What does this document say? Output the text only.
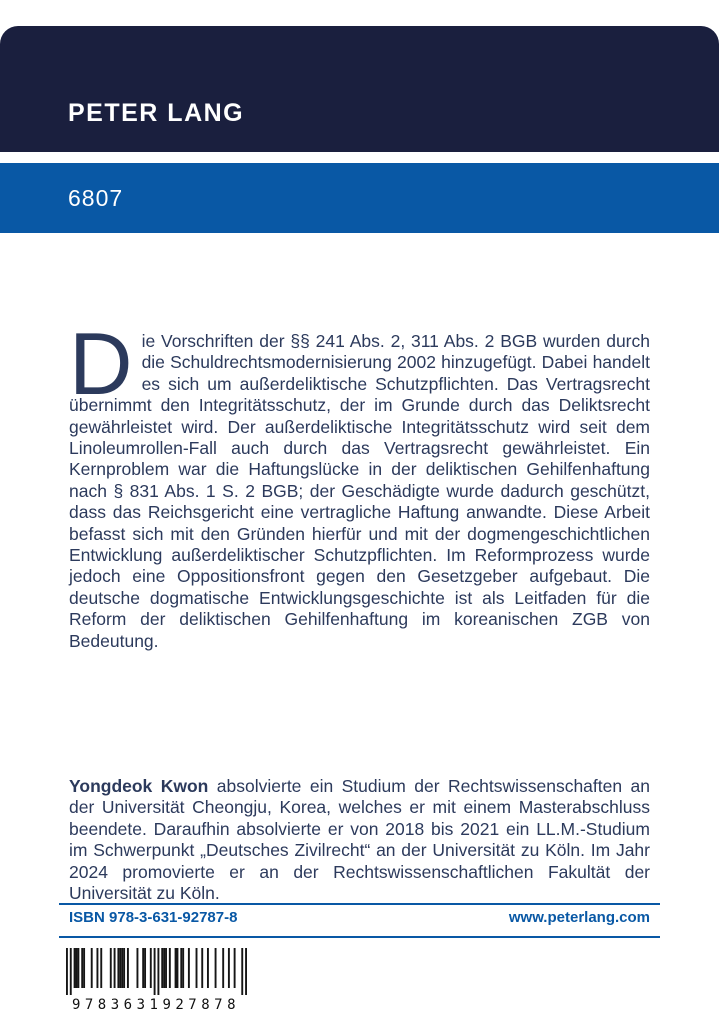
PETER LANG
6807

Die Vorschriften der §§ 241 Abs. 2, 311 Abs. 2 BGB wurden durch die Schuldrechtsmodernisierung 2002 hinzugefügt. Dabei handelt es sich um außerdeliktische Schutzpflichten. Das Vertragsrecht übernimmt den Integritätsschutz, der im Grunde durch das Deliktsrecht gewährleistet wird. Der außerdeliktische Integritätsschutz wird seit dem Linoleumrollen-Fall auch durch das Vertragsrecht gewährleistet. Ein Kernproblem war die Haftungslücke in der deliktischen Gehilfenhaftung nach § 831 Abs. 1 S. 2 BGB; der Geschädigte wurde dadurch geschützt, dass das Reichsgericht eine vertragliche Haftung anwandte. Diese Arbeit befasst sich mit den Gründen hierfür und mit der dogmengeschichtlichen Entwicklung außerdeliktischer Schutzpflichten. Im Reformprozess wurde jedoch eine Oppositionsfront gegen den Gesetzgeber aufgebaut. Die deutsche dogmatische Entwicklungsgeschichte ist als Leitfaden für die Reform der deliktischen Gehilfenhaftung im koreanischen ZGB von Bedeutung.

Yongdeok Kwon absolvierte ein Studium der Rechtswissenschaften an der Universität Cheongju, Korea, welches er mit einem Masterabschluss beendete. Daraufhin absolvierte er von 2018 bis 2021 ein LL.M.-Studium im Schwerpunkt „Deutsches Zivilrecht“ an der Universität zu Köln. Im Jahr 2024 promovierte er an der Rechtswissenschaftlichen Fakultät der Universität zu Köln.

ISBN 978-3-631-92787-8	www.peterlang.com
9783631927878
